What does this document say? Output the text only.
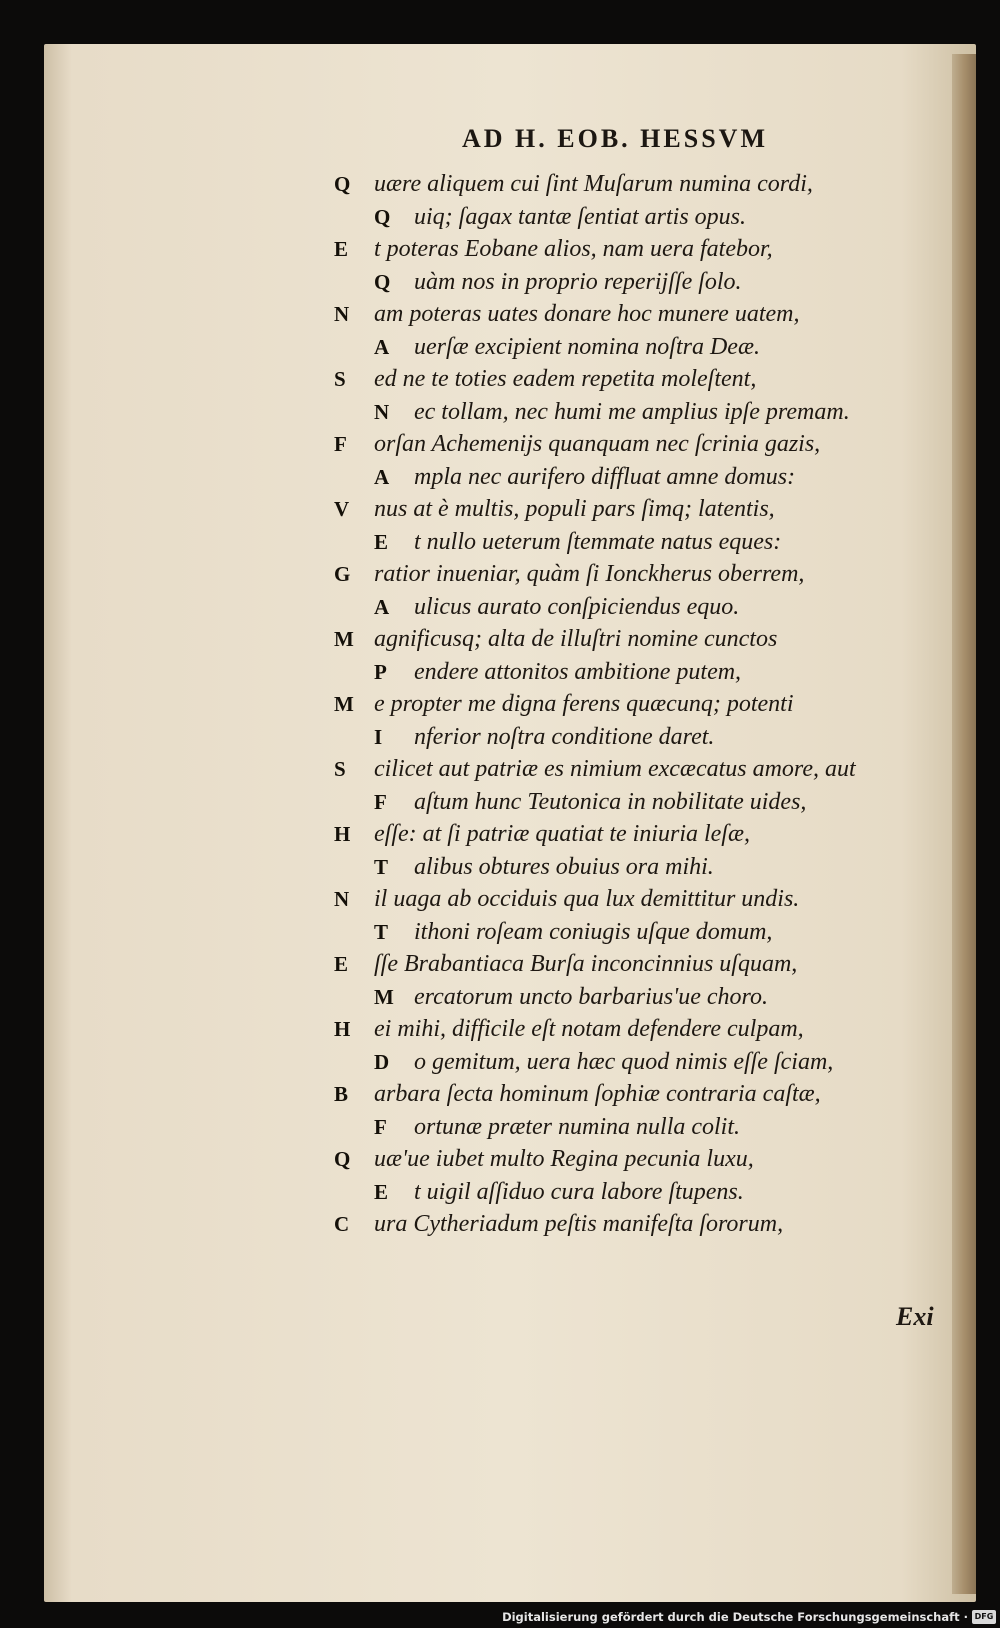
AD H. EOB. HESSVM
Q uære aliquem cui ſint Muſarum numina cordi,
Q uiq; ſagax tantæ ſentiat artis opus.
E t poteras Eobane alios, nam uera fatebor,
Q uàm nos in proprio reperijſſe ſolo.
N am poteras uates donare hoc munere uatem,
A uerſæ excipient nomina noſtra Deæ.
S ed ne te toties eadem repetita moleſtent,
N ec tollam, nec humi me amplius ipſe premam.
F orſan Achemenijs quanquam nec ſcrinia gazis,
A mpla nec aurifero diffluat amne domus:
V nus at è multis, populi pars ſimq; latentis,
E t nullo ueterum ſtemmate natus eques:
G ratior inueniar, quàm ſi Ionckherus oberrem,
A ulicus aurato conſpiciendus equo.
M agnificusq; alta de illuſtri nomine cunctos
P endere attonitos ambitione putem,
M e propter me digna ferens quæcunq; potenti
I nferior noſtra conditione daret.
S cilicet aut patriæ es nimium excæcatus amore, aut
F aſtum hunc Teutonica in nobilitate uides,
H eſſe: at ſi patriæ quatiat te iniuria leſæ,
T alibus obtures obuius ora mihi.
N il uaga ab occiduis qua lux demittitur undis.
T ithoni roſeam coniugis uſque domum,
E ſſe Brabantiaca Burſa inconcinnius uſquam,
M ercatorum uncto barbarius'ue choro.
H ei mihi, difficile eſt notam defendere culpam,
D o gemitum, uera hæc quod nimis eſſe ſciam,
B arbara ſecta hominum ſophiæ contraria caſtæ,
F ortunæ præter numina nulla colit.
Q uæ'ue iubet multo Regina pecunia luxu,
E t uigil aſſiduo cura labore ſtupens.
C ura Cytheriadum peſtis manifeſta ſororum,
Exi
Digitalisierung gefördert durch die Deutsche Forschungsgemeinschaft · DFG
